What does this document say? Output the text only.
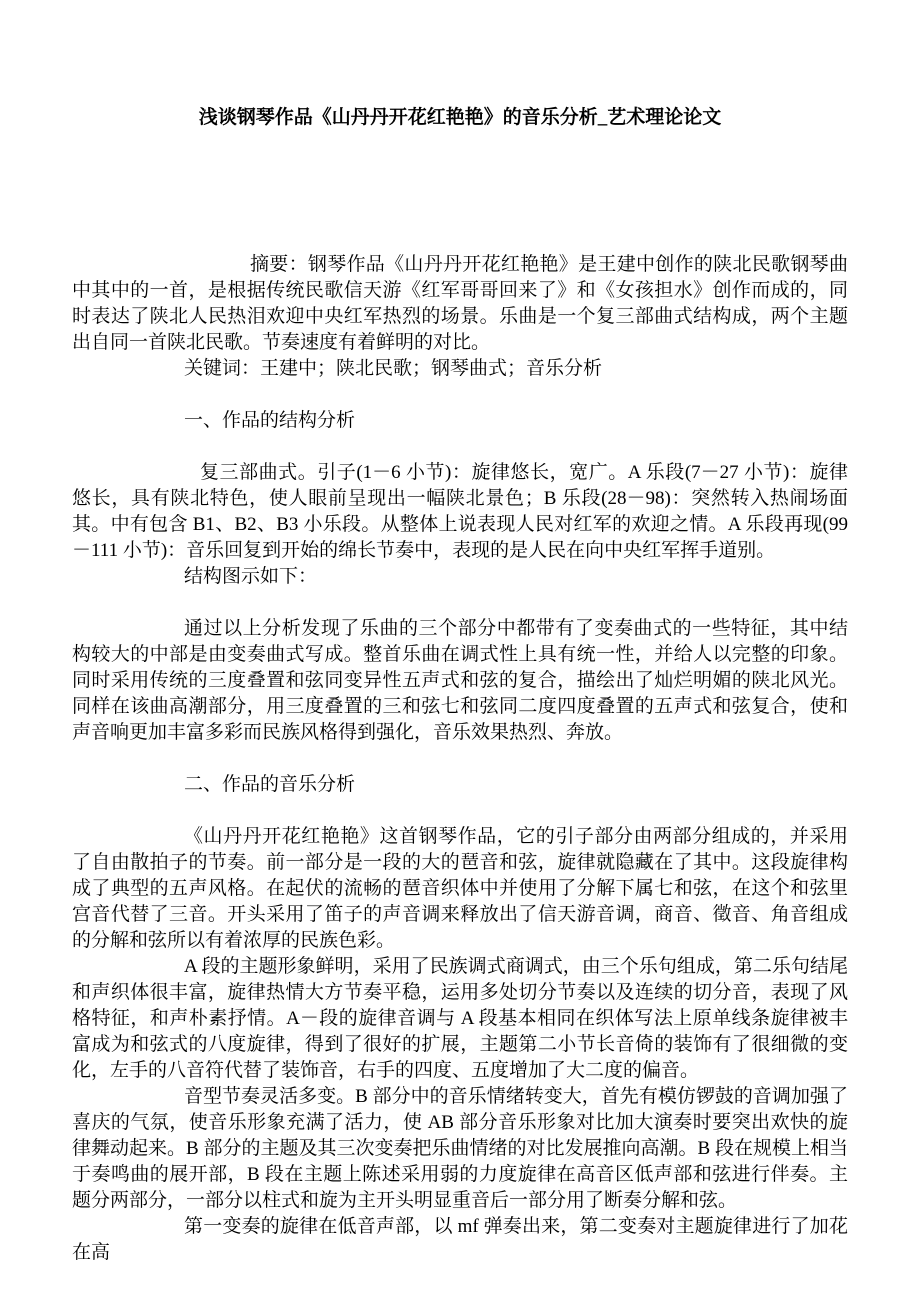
浅谈钢琴作品《山丹丹开花红艳艳》的音乐分析_艺术理论论文

摘要：钢琴作品《山丹丹开花红艳艳》是王建中创作的陕北民歌钢琴曲中其中的一首，是根据传统民歌信天游《红军哥哥回来了》和《女孩担水》创作而成的，同时表达了陕北人民热泪欢迎中央红军热烈的场景。乐曲是一个复三部曲式结构成，两个主题出自同一首陕北民歌。节奏速度有着鲜明的对比。

关键词：王建中；陕北民歌；钢琴曲式；音乐分析

一、作品的结构分析

复三部曲式。引子(1－6 小节)：旋律悠长，宽广。A 乐段(7－27 小节)：旋律悠长，具有陕北特色，使人眼前呈现出一幅陕北景色；B 乐段(28－98)：突然转入热闹场面其。中有包含 B1、B2、B3 小乐段。从整体上说表现人民对红军的欢迎之情。A 乐段再现(99－111 小节)：音乐回复到开始的绵长节奏中，表现的是人民在向中央红军挥手道别。

结构图示如下：

通过以上分析发现了乐曲的三个部分中都带有了变奏曲式的一些特征，其中结构较大的中部是由变奏曲式写成。整首乐曲在调式性上具有统一性，并给人以完整的印象。同时采用传统的三度叠置和弦同变异性五声式和弦的复合，描绘出了灿烂明媚的陕北风光。同样在该曲高潮部分，用三度叠置的三和弦七和弦同二度四度叠置的五声式和弦复合，使和声音响更加丰富多彩而民族风格得到强化，音乐效果热烈、奔放。

二、作品的音乐分析

《山丹丹开花红艳艳》这首钢琴作品，它的引子部分由两部分组成的，并采用了自由散拍子的节奏。前一部分是一段的大的琶音和弦，旋律就隐藏在了其中。这段旋律构成了典型的五声风格。在起伏的流畅的琶音织体中并使用了分解下属七和弦，在这个和弦里宫音代替了三音。开头采用了笛子的声音调来释放出了信天游音调，商音、徵音、角音组成的分解和弦所以有着浓厚的民族色彩。

A 段的主题形象鲜明，采用了民族调式商调式，由三个乐句组成，第二乐句结尾和声织体很丰富，旋律热情大方节奏平稳，运用多处切分节奏以及连续的切分音，表现了风格特征，和声朴素抒情。A－段的旋律音调与 A 段基本相同在织体写法上原单线条旋律被丰富成为和弦式的八度旋律，得到了很好的扩展，主题第二小节长音倚的装饰有了很细微的变化，左手的八音符代替了装饰音，右手的四度、五度增加了大二度的偏音。

音型节奏灵活多变。B 部分中的音乐情绪转变大，首先有模仿锣鼓的音调加强了喜庆的气氛，使音乐形象充满了活力，使 AB 部分音乐形象对比加大演奏时要突出欢快的旋律舞动起来。B 部分的主题及其三次变奏把乐曲情绪的对比发展推向高潮。B 段在规模上相当于奏鸣曲的展开部，B 段在主题上陈述采用弱的力度旋律在高音区低声部和弦进行伴奏。主题分两部分，一部分以柱式和旋为主开头明显重音后一部分用了断奏分解和弦。

第一变奏的旋律在低音声部，以 mf 弹奏出来，第二变奏对主题旋律进行了加花在高
